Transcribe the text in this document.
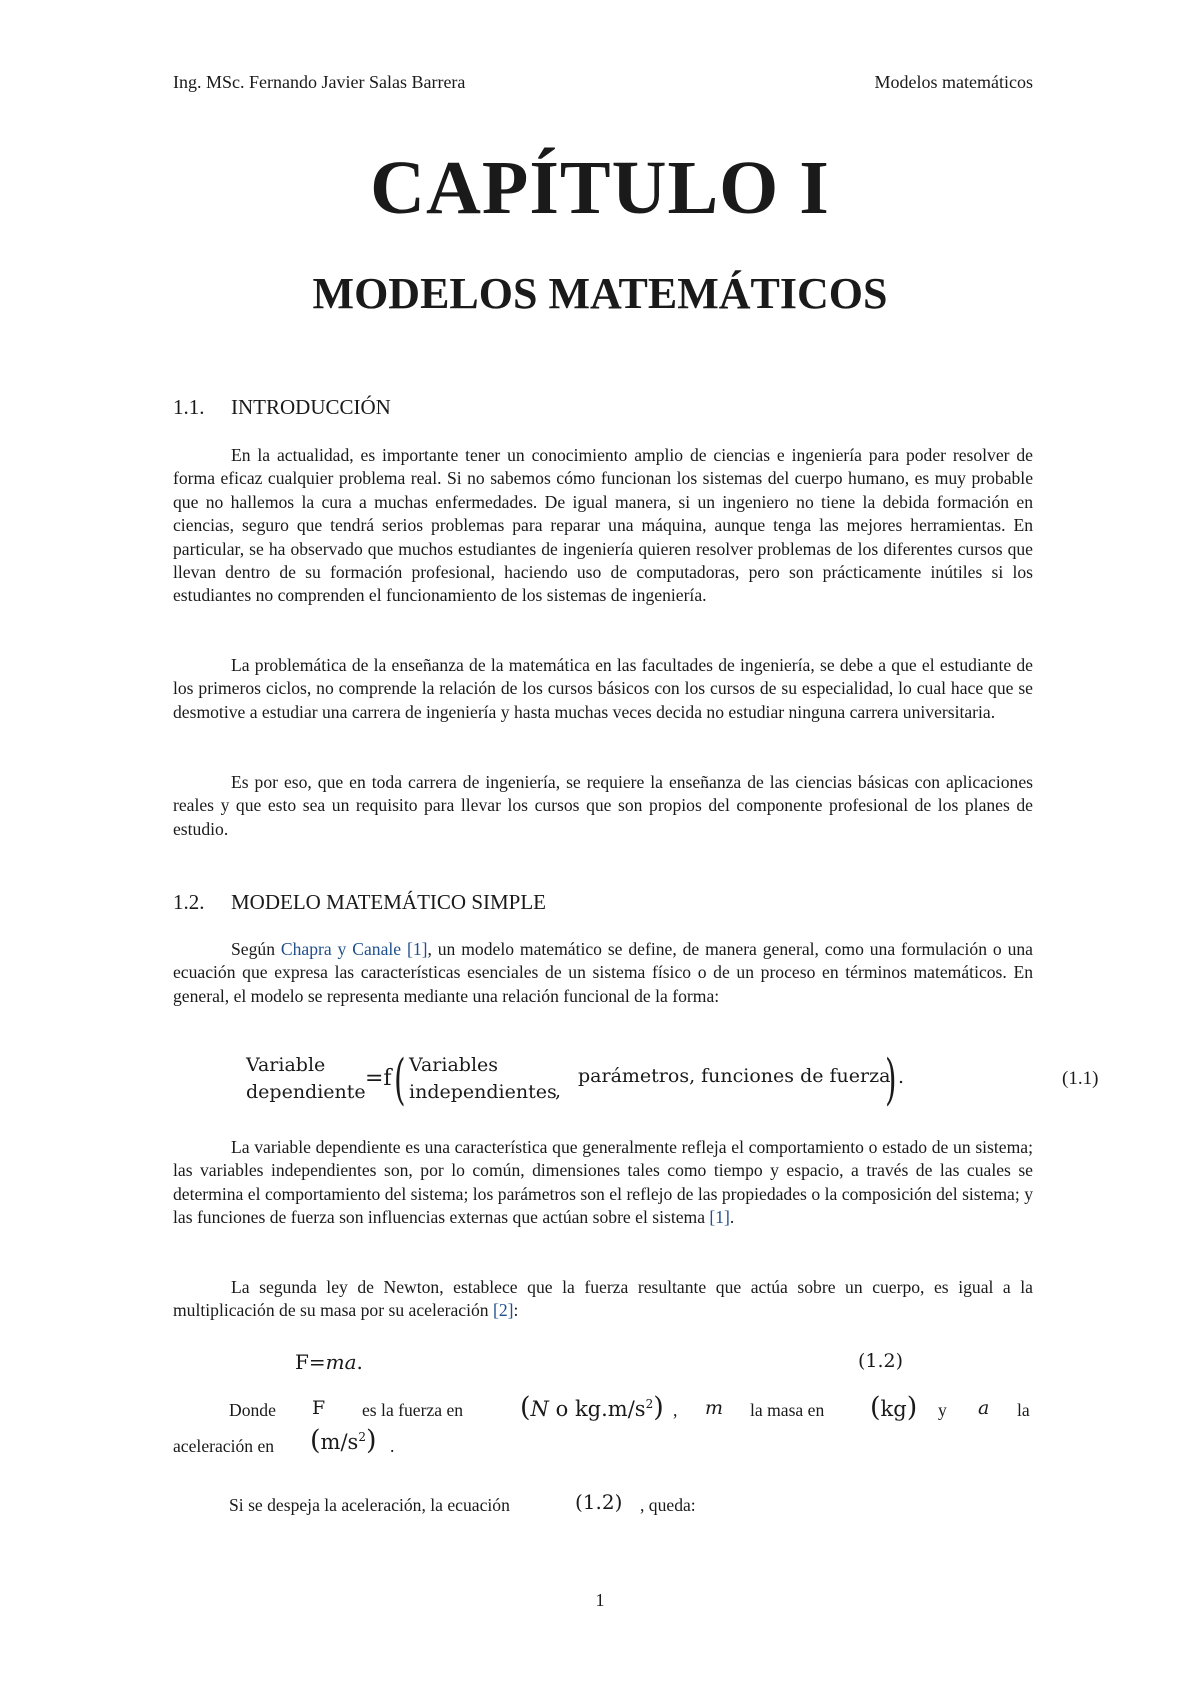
Ing. MSc. Fernando Javier Salas Barrera	Modelos matemáticos
CAPÍTULO I
MODELOS MATEMÁTICOS
1.1. INTRODUCCIÓN
En la actualidad, es importante tener un conocimiento amplio de ciencias e ingeniería para poder resolver de forma eficaz cualquier problema real. Si no sabemos cómo funcionan los sistemas del cuerpo humano, es muy probable que no hallemos la cura a muchas enfermedades. De igual manera, si un ingeniero no tiene la debida formación en ciencias, seguro que tendrá serios problemas para reparar una máquina, aunque tenga las mejores herramientas. En particular, se ha observado que muchos estudiantes de ingeniería quieren resolver problemas de los diferentes cursos que llevan dentro de su formación profesional, haciendo uso de computadoras, pero son prácticamente inútiles si los estudiantes no comprenden el funcionamiento de los sistemas de ingeniería.
La problemática de la enseñanza de la matemática en las facultades de ingeniería, se debe a que el estudiante de los primeros ciclos, no comprende la relación de los cursos básicos con los cursos de su especialidad, lo cual hace que se desmotive a estudiar una carrera de ingeniería y hasta muchas veces decida no estudiar ninguna carrera universitaria.
Es por eso, que en toda carrera de ingeniería, se requiere la enseñanza de las ciencias básicas con aplicaciones reales y que esto sea un requisito para llevar los cursos que son propios del componente profesional de los planes de estudio.
1.2. MODELO MATEMÁTICO SIMPLE
Según Chapra y Canale [1], un modelo matemático se define, de manera general, como una formulación o una ecuación que expresa las características esenciales de un sistema físico o de un proceso en términos matemáticos. En general, el modelo se representa mediante una relación funcional de la forma:
Variable
dependiente
=f ( Variables
independientes
,
parámetros, funciones de fuerza
) .	(1.1)
La variable dependiente es una característica que generalmente refleja el comportamiento o estado de un sistema; las variables independientes son, por lo común, dimensiones tales como tiempo y espacio, a través de las cuales se determina el comportamiento del sistema; los parámetros son el reflejo de las propiedades o la composición del sistema; y las funciones de fuerza son influencias externas que actúan sobre el sistema [1].
La segunda ley de Newton, establece que la fuerza resultante que actúa sobre un cuerpo, es igual a la multiplicación de su masa por su aceleración [2]:
F=ma.	(1.2)
Donde F es la fuerza en (N o $kg.m/s^2$) , m la masa en (kg) y a la
aceleración en $(m/s^2)$ .
Si se despeja la aceleración, la ecuación	(1.2) , queda:
1
